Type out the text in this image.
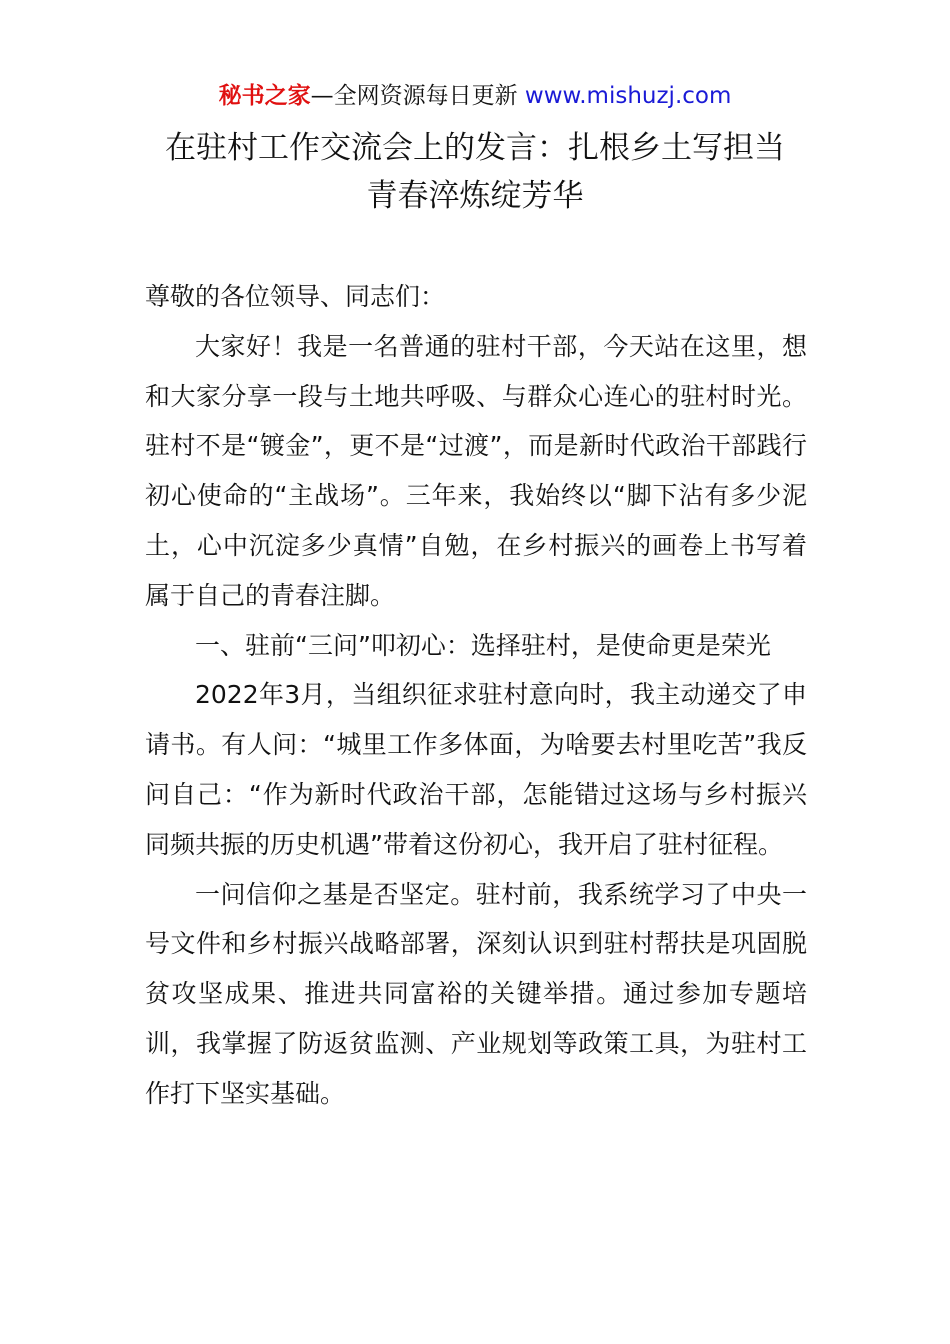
秘书之家—全网资源每日更新 www.mishuzj.com
在驻村工作交流会上的发言：扎根乡土写担当
青春淬炼绽芳华

尊敬的各位领导、同志们：

大家好！我是一名普通的驻村干部，今天站在这里，想和大家分享一段与土地共呼吸、与群众心连心的驻村时光。驻村不是“镀金”，更不是“过渡”，而是新时代政治干部践行初心使命的“主战场”。三年来，我始终以“脚下沾有多少泥土，心中沉淀多少真情”自勉，在乡村振兴的画卷上书写着属于自己的青春注脚。

一、驻前“三问”叩初心：选择驻村，是使命更是荣光

2022年3月，当组织征求驻村意向时，我主动递交了申请书。有人问：“城里工作多体面，为啥要去村里吃苦”我反问自己：“作为新时代政治干部，怎能错过这场与乡村振兴同频共振的历史机遇”带着这份初心，我开启了驻村征程。

一问信仰之基是否坚定。驻村前，我系统学习了中央一号文件和乡村振兴战略部署，深刻认识到驻村帮扶是巩固脱贫攻坚成果、推进共同富裕的关键举措。通过参加专题培训，我掌握了防返贫监测、产业规划等政策工具，为驻村工作打下坚实基础。
